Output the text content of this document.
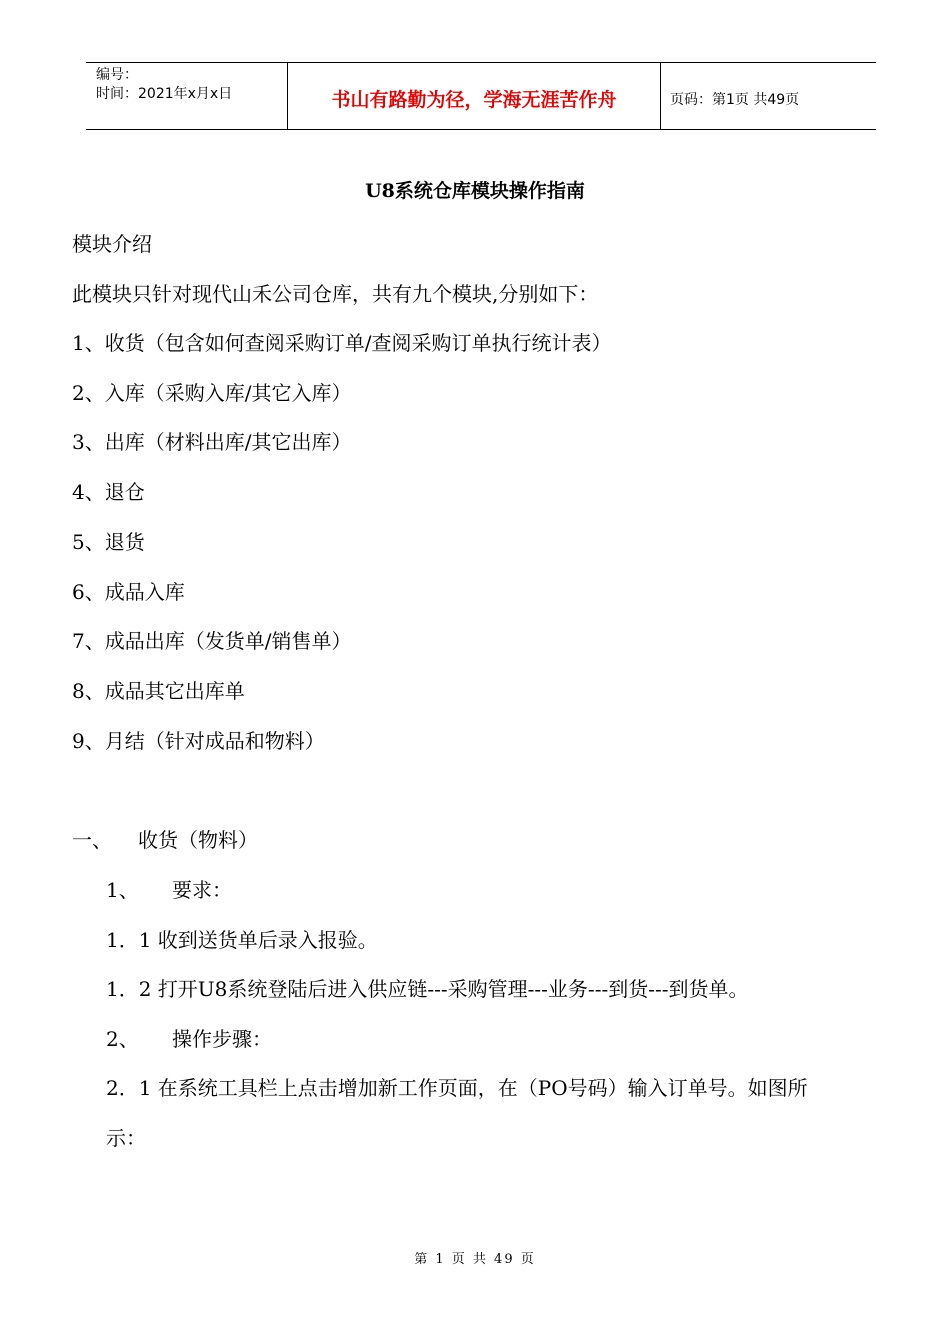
编号：
时间：2021年x月x日	书山有路勤为径，学海无涯苦作舟	页码：第1页 共49页
U8系统仓库模块操作指南
模块介绍
此模块只针对现代山禾公司仓库，共有九个模块,分别如下：
1、收货（包含如何查阅采购订单/查阅采购订单执行统计表）
2、入库（采购入库/其它入库）
3、出库（材料出库/其它出库）
4、退仓
5、退货
6、成品入库
7、成品出库（发货单/销售单）
8、成品其它出库单
9、月结（针对成品和物料）
一、 收货（物料）
1、 要求：
1．1 收到送货单后录入报验。
1．2 打开U8系统登陆后进入供应链---采购管理---业务---到货---到货单。
2、 操作步骤：
2．1 在系统工具栏上点击增加新工作页面，在（PO号码）输入订单号。如图所
示：
第 1 页 共 49 页
